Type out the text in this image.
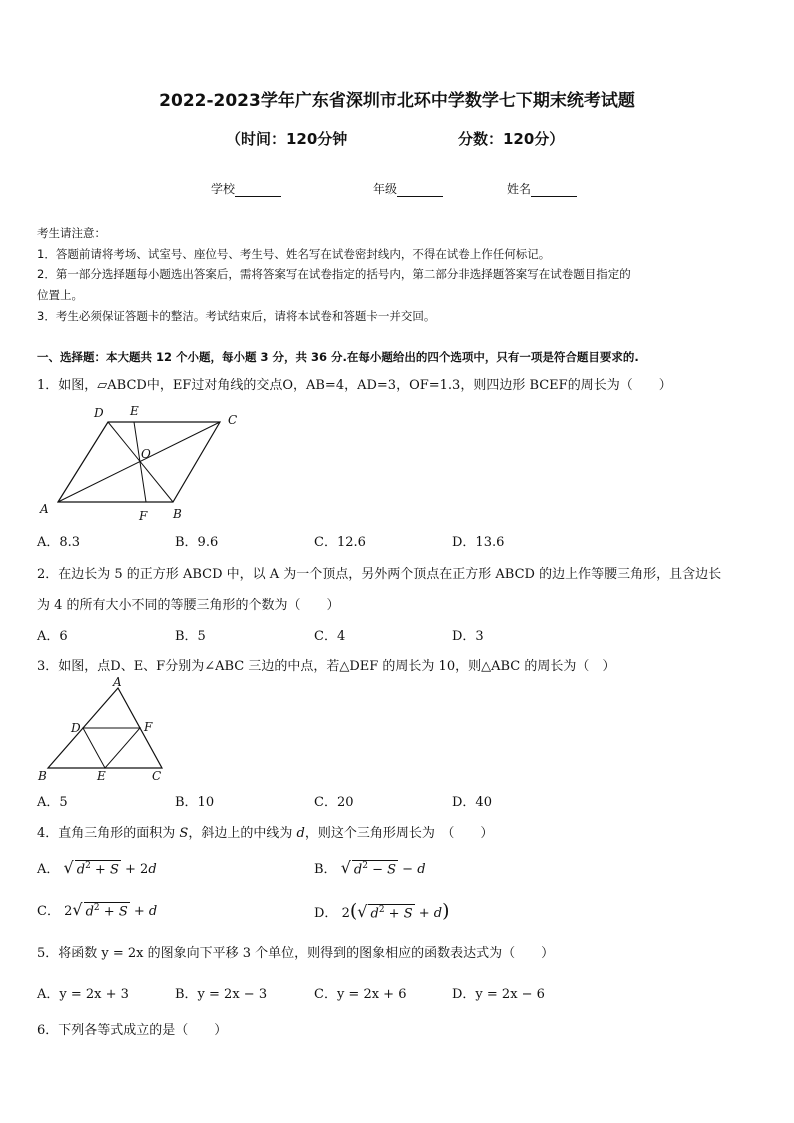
2022-2023学年广东省深圳市北环中学数学七下期末统考试题
（时间：120分钟	分数：120分）
学校	年级	姓名
考生请注意：
1．答题前请将考场、试室号、座位号、考生号、姓名写在试卷密封线内，不得在试卷上作任何标记。
2．第一部分选择题每小题选出答案后，需将答案写在试卷指定的括号内，第二部分非选择题答案写在试卷题目指定的
位置上。
3．考生必须保证答题卡的整洁。考试结束后，请将本试卷和答题卡一并交回。
一、选择题：本大题共 12 个小题，每小题 3 分，共 36 分.在每小题给出的四个选项中，只有一项是符合题目要求的.
1．如图，▱ABCD中，EF过对角线的交点O，AB=4，AD=3，OF=1.3，则四边形 BCEF的周长为（　　）
D E
C
O
A	F B
A．8.3	B．9.6	C．12.6	D．13.6
2．在边长为 5 的正方形 ABCD 中，以 A 为一个顶点，另外两个顶点在正方形 ABCD 的边上作等腰三角形，且含边长
为 4 的所有大小不同的等腰三角形的个数为（　　）
A．6	B．5	C．4	D．3
3．如图，点D、E、F分别为∠ABC 三边的中点，若△DEF 的周长为 10，则△ABC 的周长为（　）
A
D	F
B	E	C
A．5	B．10	C．20	D．40
4．直角三角形的面积为 S，斜边上的中线为 d，则这个三角形周长为　（　　）
A． √ $d^2 + S + 2d$	B． √ $d^2 - S - d$
C． 2√ $d^2 + S + d$	D． 2(√ $d^2 + S + d$)
5．将函数 y = 2x 的图象向下平移 3 个单位，则得到的图象相应的函数表达式为（　　）
A．y = 2x + 3	B．y = 2x − 3	C．y = 2x + 6	D．y = 2x − 6
6．下列各等式成立的是（　　）
